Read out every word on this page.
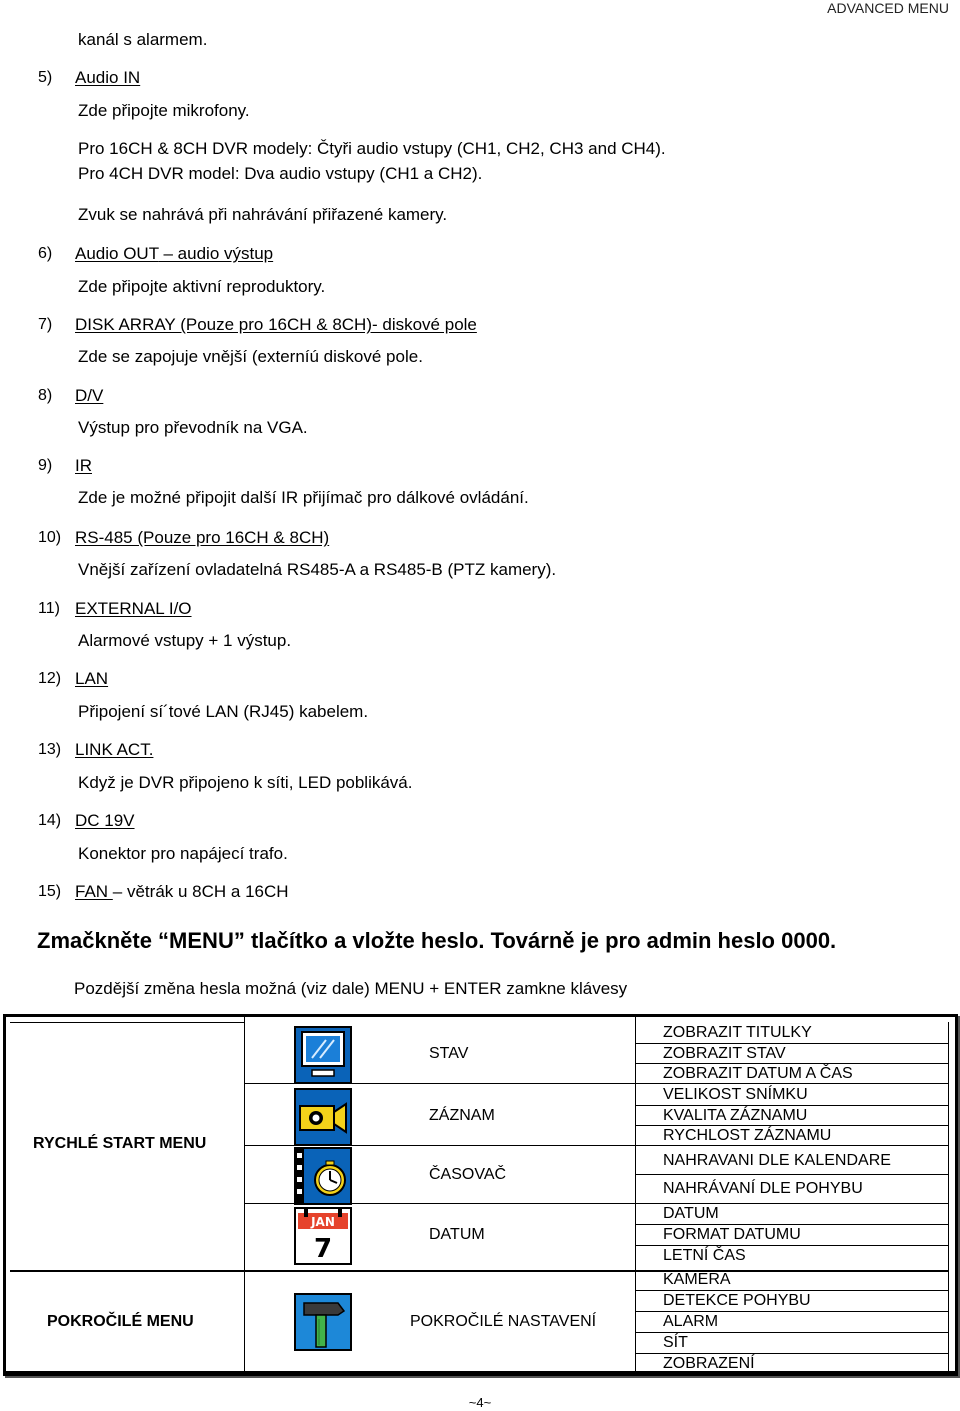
ADVANCED MENU
kanál s alarmem.
5) Audio IN
Zde připojte mikrofony.
Pro 16CH & 8CH DVR modely: Čtyři audio vstupy (CH1, CH2, CH3 and CH4).
Pro 4CH DVR model: Dva audio vstupy (CH1 a CH2).
Zvuk se nahrává při nahrávání přiřazené kamery.
6) Audio OUT – audio výstup
Zde připojte aktivní reproduktory.
7) DISK ARRAY (Pouze pro 16CH & 8CH)- diskové pole
Zde se zapojuje vnější (externíú diskové pole.
8) D/V
Výstup pro převodník na VGA.
9) IR
Zde je možné připojit další IR přijímač pro dálkové ovládání.
10) RS-485 (Pouze pro 16CH & 8CH)
Vnější zařízení ovladatelná RS485-A a RS485-B (PTZ kamery).
11) EXTERNAL I/O
Alarmové vstupy + 1 výstup.
12) LAN
Připojení sí´tové LAN (RJ45) kabelem.
13) LINK ACT.
Když je DVR připojeno k síti, LED poblikává.
14) DC 19V
Konektor pro napájecí trafo.
15) FAN – větrák u 8CH a 16CH
Zmačkněte “MENU” tlačítko a vložte heslo. Továrně je pro admin heslo 0000.
Pozdější změna hesla možná (viz dale) MENU + ENTER zamkne klávesy
RYCHLÉ START MENU
POKROČILÉ MENU
JAN
7
STAV
ZÁZNAM
ČASOVAČ
DATUM
POKROČILÉ NASTAVENÍ
ZOBRAZIT TITULKY
ZOBRAZIT STAV
ZOBRAZIT DATUM A ČAS
VELIKOST SNÍMKU
KVALITA ZÁZNAMU
RYCHLOST ZÁZNAMU
NAHRAVANI DLE KALENDARE
NAHRÁVANÍ DLE POHYBU
DATUM
FORMAT DATUMU
LETNÍ ČAS
KAMERA
DETEKCE POHYBU
ALARM
SÍT
ZOBRAZENÍ
~4~
